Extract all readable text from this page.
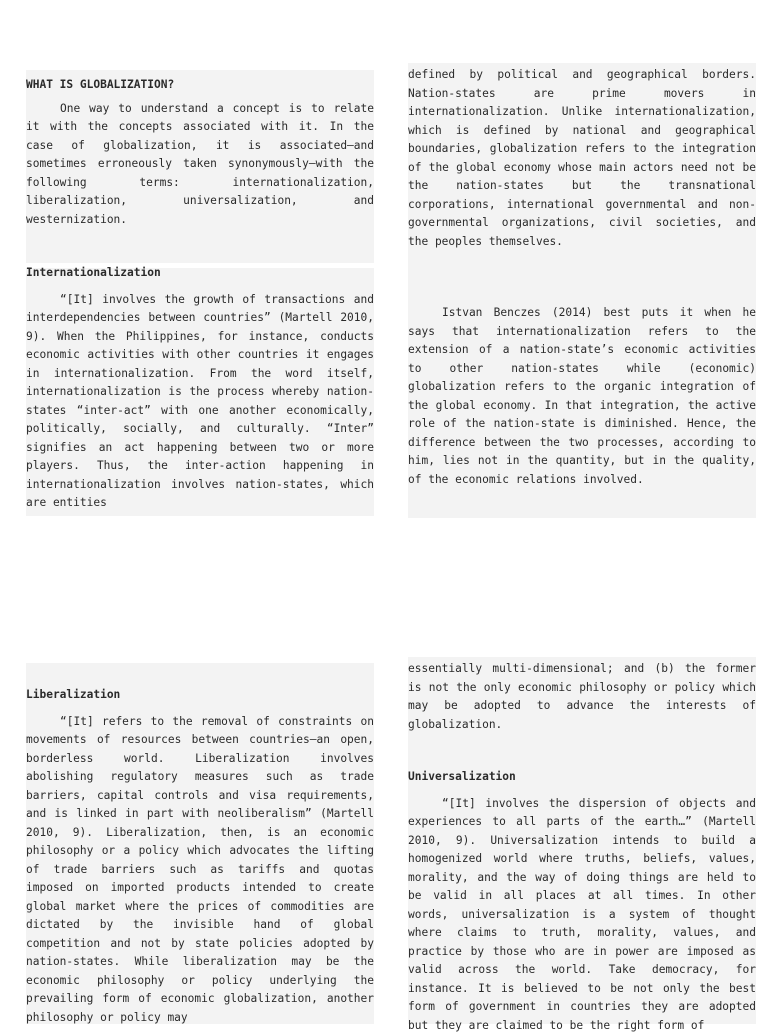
WHAT IS GLOBALIZATION?

One way to understand a concept is to relate it with the concepts associated with it. In the case of globalization, it is associated—and sometimes erroneously taken synonymously—with the following terms: internationalization, liberalization, universalization, and westernization.

Internationalization

“[It] involves the growth of transactions and interdependencies between countries” (Martell 2010, 9). When the Philippines, for instance, conducts economic activities with other countries it engages in internationalization. From the word itself, internationalization is the process whereby nation-states “inter-act” with one another economically, politically, socially, and culturally. “Inter” signifies an act happening between two or more players. Thus, the inter-action happening in internationalization involves nation-states, which are entities

defined by political and geographical borders. Nation-states are prime movers in internationalization. Unlike internationalization, which is defined by national and geographical boundaries, globalization refers to the integration of the global economy whose main actors need not be the nation-states but the transnational corporations, international governmental and non-governmental organizations, civil societies, and the peoples themselves.

Istvan Benczes (2014) best puts it when he says that internationalization refers to the extension of a nation-state’s economic activities to other nation-states while (economic) globalization refers to the organic integration of the global economy. In that integration, the active role of the nation-state is diminished. Hence, the difference between the two processes, according to him, lies not in the quantity, but in the quality, of the economic relations involved.

Liberalization

“[It] refers to the removal of constraints on movements of resources between countries—an open, borderless world. Liberalization involves abolishing regulatory measures such as trade barriers, capital controls and visa requirements, and is linked in part with neoliberalism” (Martell 2010, 9). Liberalization, then, is an economic philosophy or a policy which advocates the lifting of trade barriers such as tariffs and quotas imposed on imported products intended to create global market where the prices of commodities are dictated by the invisible hand of global competition and not by state policies adopted by nation-states. While liberalization may be the economic philosophy or policy underlying the prevailing form of economic globalization, another philosophy or policy may

essentially multi-dimensional; and (b) the former is not the only economic philosophy or policy which may be adopted to advance the interests of globalization.

Universalization

“[It] involves the dispersion of objects and experiences to all parts of the earth…” (Martell 2010, 9). Universalization intends to build a homogenized world where truths, beliefs, values, morality, and the way of doing things are held to be valid in all places at all times. In other words, universalization is a system of thought where claims to truth, morality, values, and practice by those who are in power are imposed as valid across the world. Take democracy, for instance. It is believed to be not only the best form of government in countries they are adopted but they are claimed to be the right form of
